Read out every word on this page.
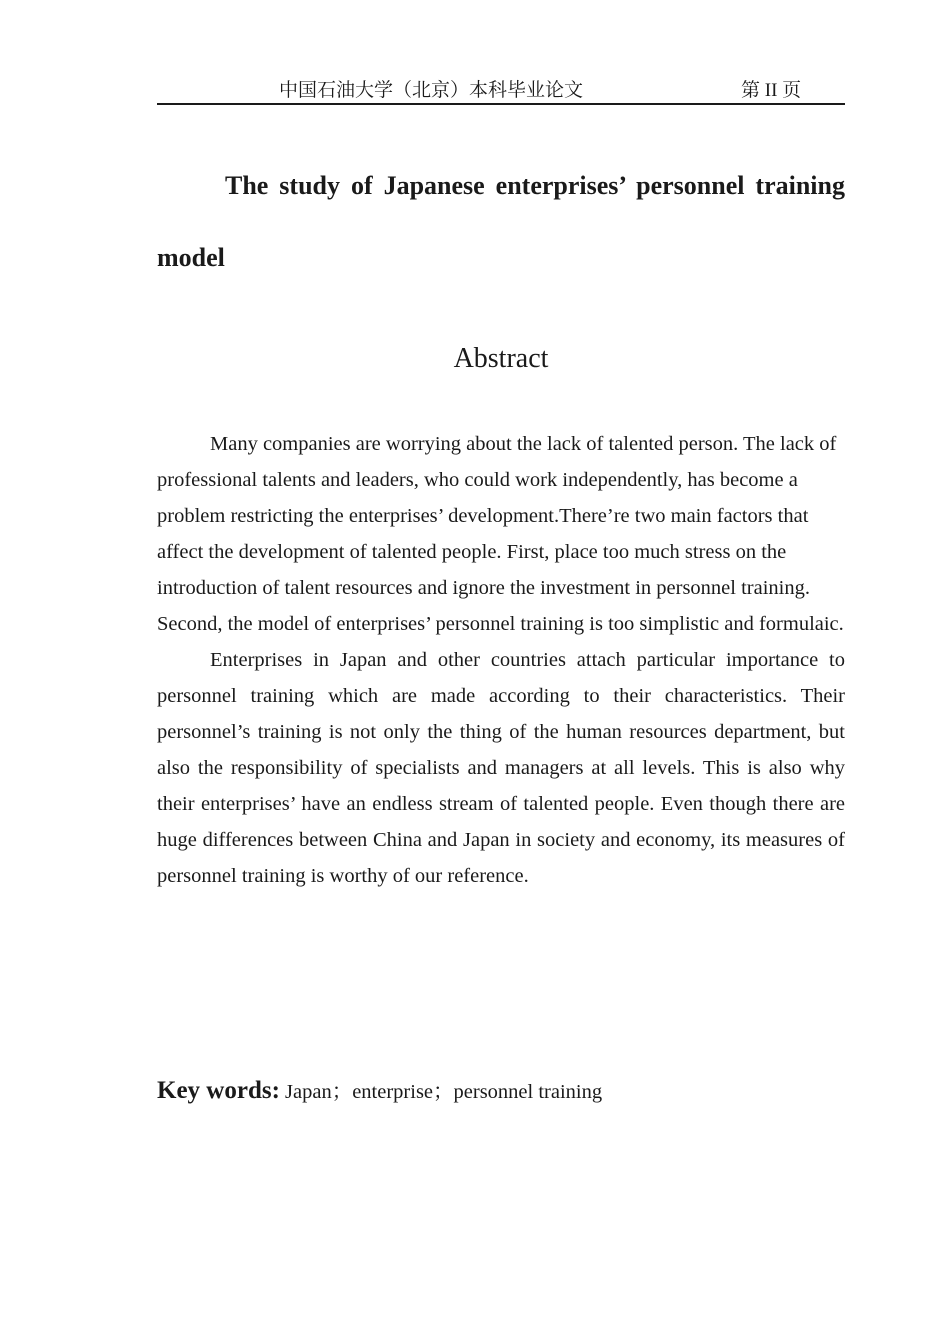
中国石油大学（北京）本科毕业论文	第 II 页
The study of Japanese enterprises’ personnel training model
Abstract

Many companies are worrying about the lack of talented person. The lack of professional talents and leaders, who could work independently, has become a problem restricting the enterprises’ development.There’re two main factors that affect the development of talented people. First, place too much stress on the introduction of talent resources and ignore the investment in personnel training. Second, the model of enterprises’ personnel training is too simplistic and formulaic.

Enterprises in Japan and other countries attach particular importance to personnel training which are made according to their characteristics. Their personnel’s training is not only the thing of the human resources department, but also the responsibility of specialists and managers at all levels. This is also why their enterprises’ have an endless stream of talented people. Even though there are huge differences between China and Japan in society and economy, its measures of personnel training is worthy of our reference.

Key words: Japan；enterprise；personnel training
